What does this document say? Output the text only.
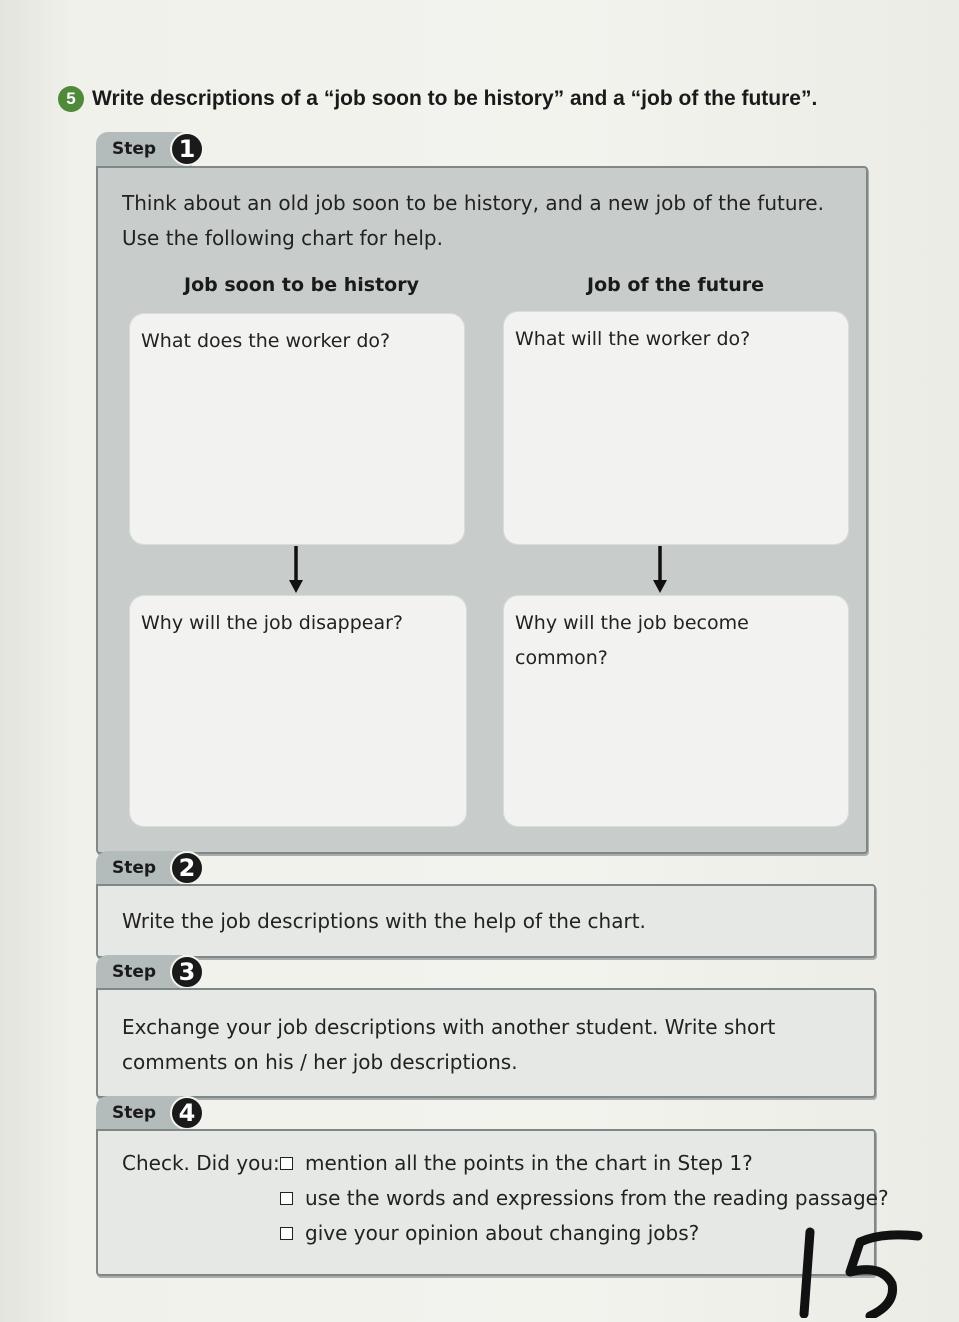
5 Write descriptions of a “job soon to be history” and a “job of the future”.
Step 1
Think about an old job soon to be history, and a new job of the future. Use the following chart for help.
Job soon to be history	Job of the future
What does the worker do?	What will the worker do?
Why will the job disappear?	Why will the job become common?
Step 2
Write the job descriptions with the help of the chart.
Step 3
Exchange your job descriptions with another student. Write short comments on his / her job descriptions.
Step 4
Check. Did you: mention all the points in the chart in Step 1?
use the words and expressions from the reading passage?
give your opinion about changing jobs?
